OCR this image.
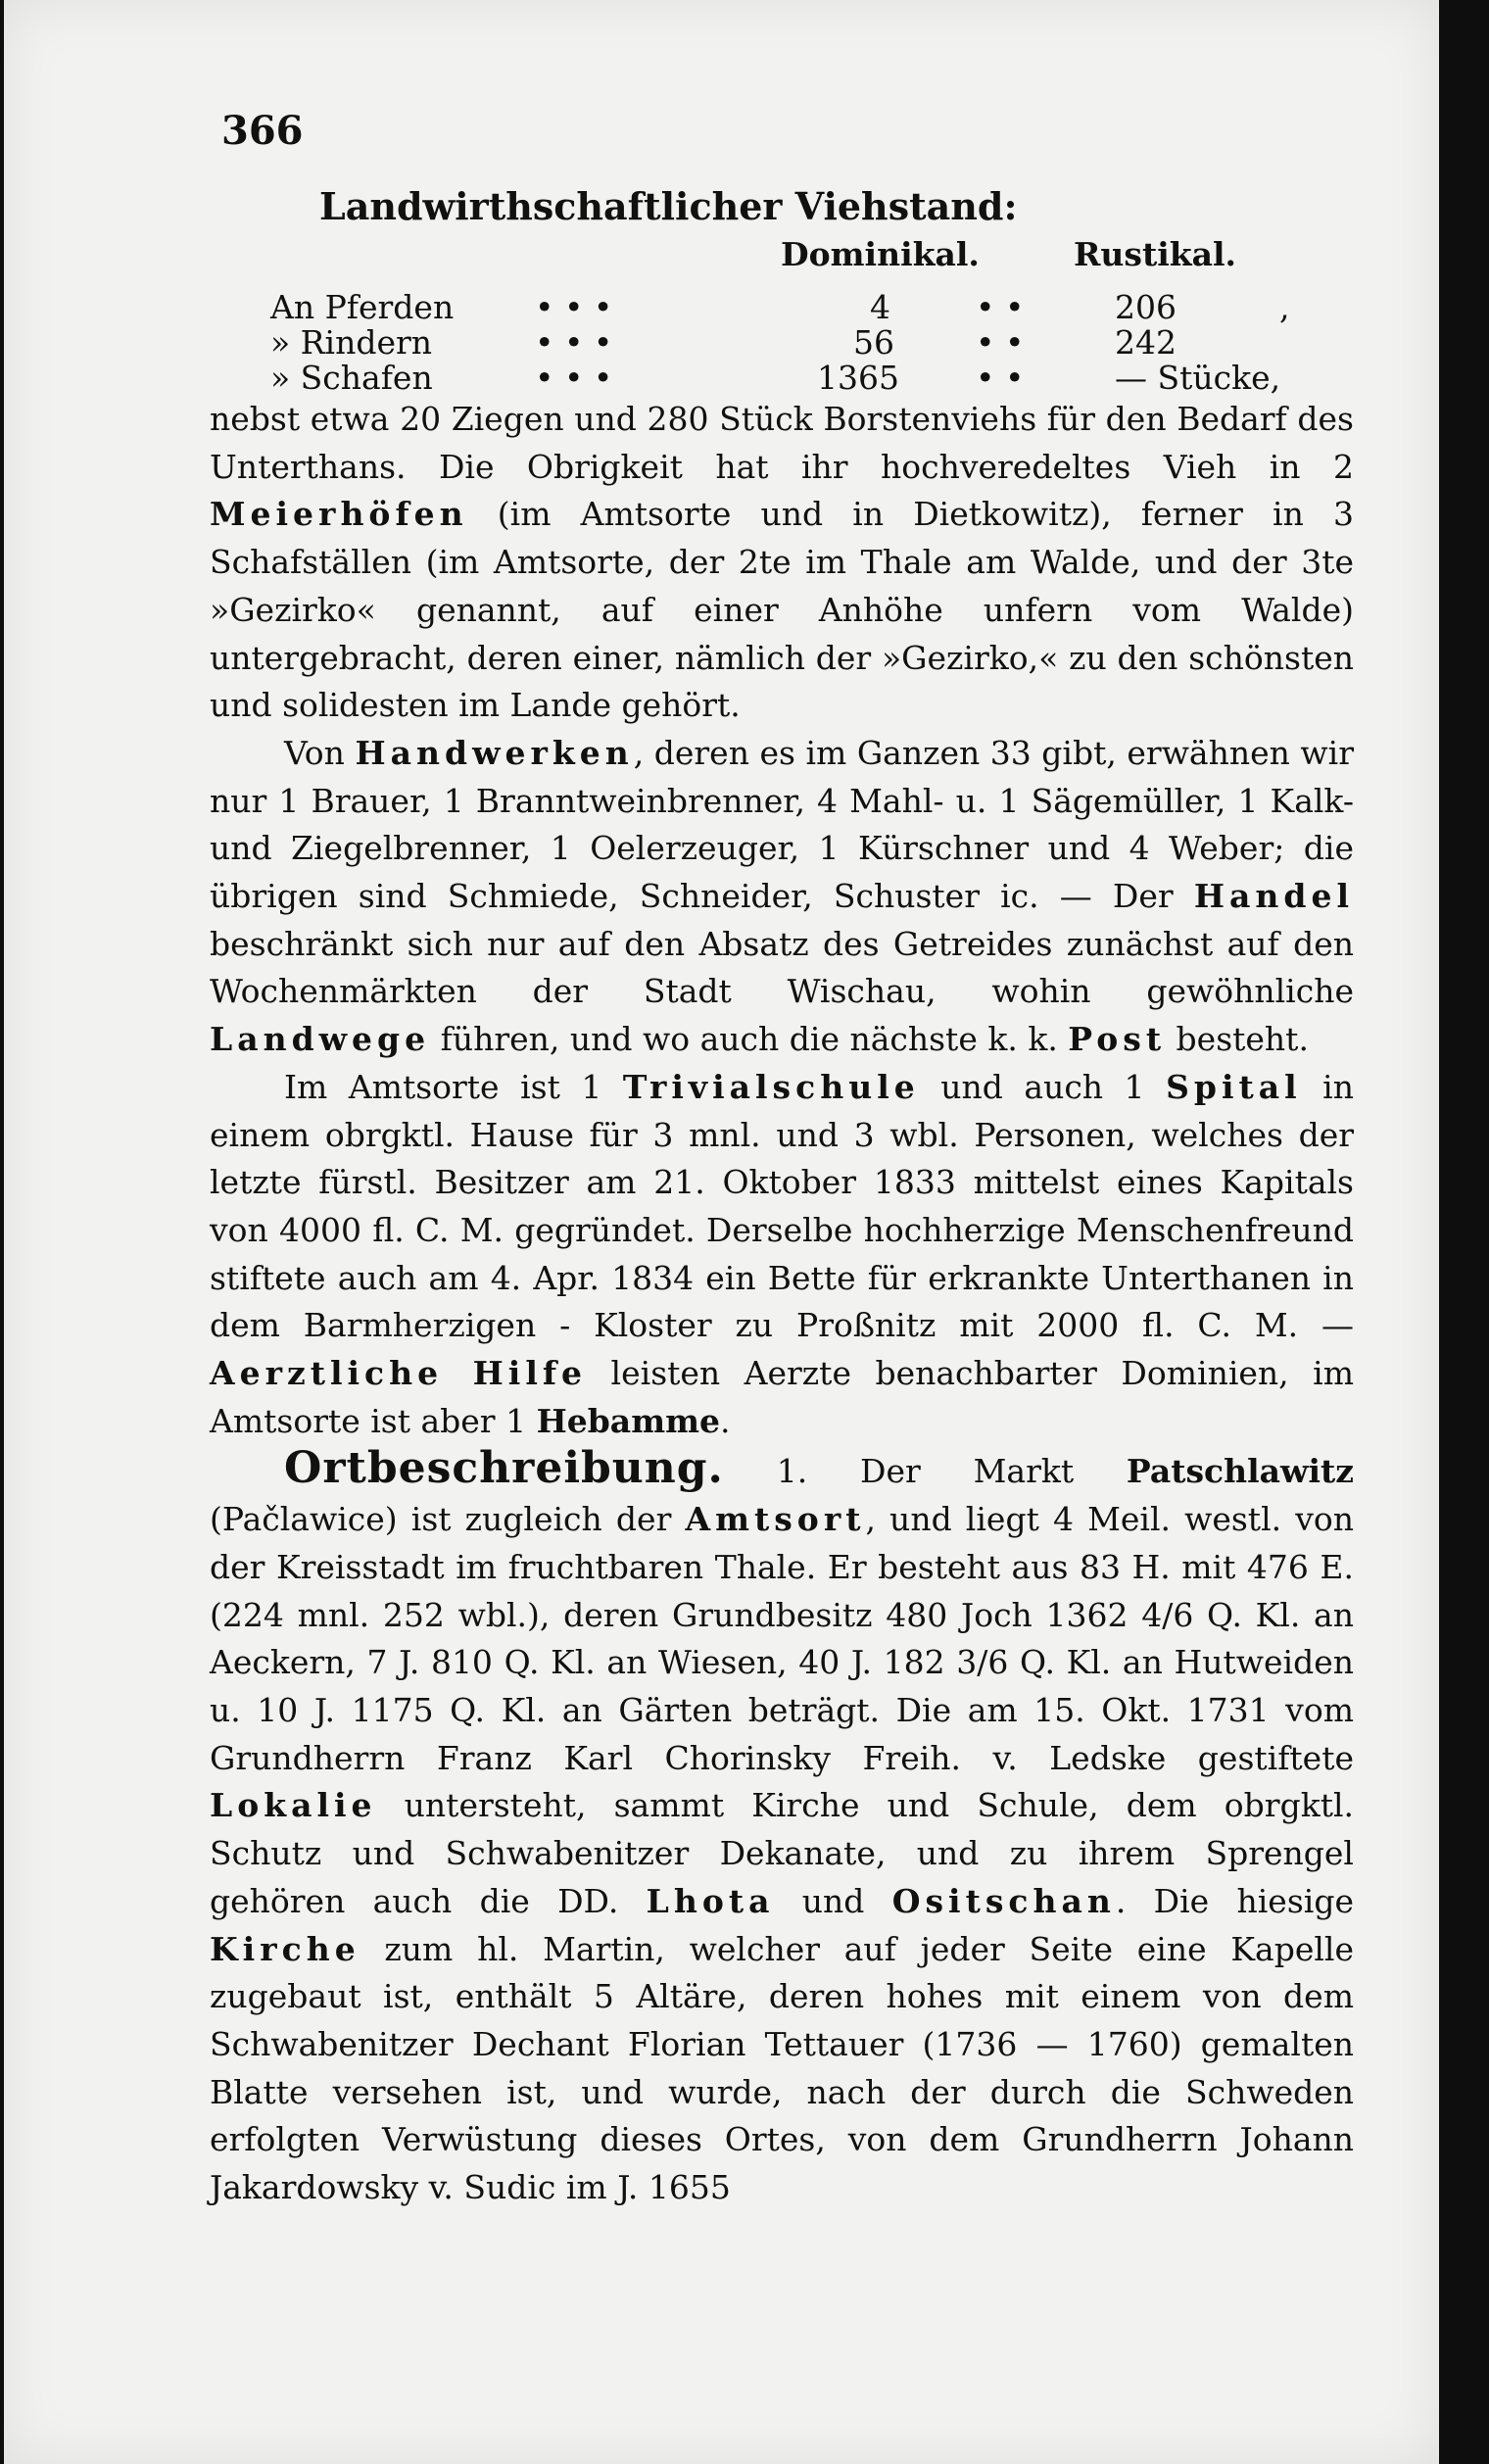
366
Landwirthschaftlicher Viehstand:
Dominikal.	Rustikal.
An Pferden	• • •	4	• •	206	,
» Rindern	• • •	56	• •	242
» Schafen	• • •	1365 • •	— Stücke,

nebst etwa 20 Ziegen und 280 Stück Borstenviehs für den Bedarf des Unterthans. Die Obrigkeit hat ihr hochveredeltes Vieh in 2 Meierhöfen (im Amtsorte und in Dietkowitz), ferner in 3 Schafställen (im Amtsorte, der 2te im Thale am Walde, und der 3te »Gezirko« genannt, auf einer Anhöhe unfern vom Walde) untergebracht, deren einer, nämlich der »Gezirko,« zu den schönsten und solidesten im Lande gehört.

Von Handwerken, deren es im Ganzen 33 gibt, erwähnen wir nur 1 Brauer, 1 Branntweinbrenner, 4 Mahl- u. 1 Sägemüller, 1 Kalk- und Ziegelbrenner, 1 Oelerzeuger, 1 Kürschner und 4 Weber; die übrigen sind Schmiede, Schneider, Schuster ic. — Der Handel beschränkt sich nur auf den Absatz des Getreides zunächst auf den Wochenmärkten der Stadt Wischau, wohin gewöhnliche Landwege führen, und wo auch die nächste k. k. Post besteht.

Im Amtsorte ist 1 Trivialschule und auch 1 Spital in einem obrgktl. Hause für 3 mnl. und 3 wbl. Personen, welches der letzte fürstl. Besitzer am 21. Oktober 1833 mittelst eines Kapitals von 4000 fl. C. M. gegründet. Derselbe hochherzige Menschenfreund stiftete auch am 4. Apr. 1834 ein Bette für erkrankte Unterthanen in dem Barmherzigen - Kloster zu Proßnitz mit 2000 fl. C. M. — Aerztliche Hilfe leisten Aerzte benachbarter Dominien, im Amtsorte ist aber 1 Hebamme.

Ortbeschreibung. 1. Der Markt Patschlawitz (Pačlawice) ist zugleich der Amtsort, und liegt 4 Meil. westl. von der Kreisstadt im fruchtbaren Thale. Er besteht aus 83 H. mit 476 E. (224 mnl. 252 wbl.), deren Grundbesitz 480 Joch 1362 4/6 Q. Kl. an Aeckern, 7 J. 810 Q. Kl. an Wiesen, 40 J. 182 3/6 Q. Kl. an Hutweiden u. 10 J. 1175 Q. Kl. an Gärten beträgt. Die am 15. Okt. 1731 vom Grundherrn Franz Karl Chorinsky Freih. v. Ledske gestiftete Lokalie untersteht, sammt Kirche und Schule, dem obrgktl. Schutz und Schwabenitzer Dekanate, und zu ihrem Sprengel gehören auch die DD. Lhota und Ositschan. Die hiesige Kirche zum hl. Martin, welcher auf jeder Seite eine Kapelle zugebaut ist, enthält 5 Altäre, deren hohes mit einem von dem Schwabenitzer Dechant Florian Tettauer (1736 — 1760) gemalten Blatte versehen ist, und wurde, nach der durch die Schweden erfolgten Verwüstung dieses Ortes, von dem Grundherrn Johann Jakardowsky v. Sudic im J. 1655
